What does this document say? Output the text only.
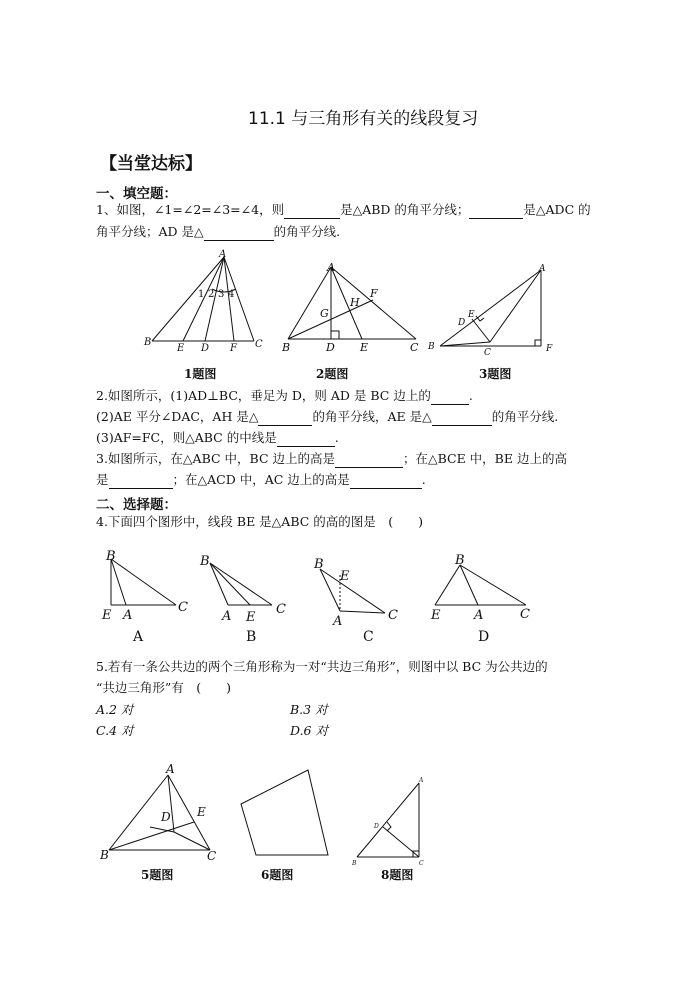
11.1 与三角形有关的线段复习
【当堂达标】
一、填空题：
1、如图，∠1=∠2=∠3=∠4，则	是△ABD 的角平分线；	是△ADC 的
角平分线；AD 是△	的角平分线.
A
B
E D F C
1 2 3 4
A
B	D E	C
G
H
F
A
B
C
D
E
F
1题图	2题图	3题图
2.如图所示，(1)AD⊥BC，垂足为 D，则 AD 是 BC 边上的	.
(2)AE 平分∠DAC，AH 是△	的角平分线，AE 是△	的角平分线.
(3)AF=FC，则△ABC 的中线是	.
3.如图所示，在△ABC 中，BC 边上的高是	；在△BCE 中，BE 边上的高
是	；在△ACD 中，AC 边上的高是	.
二、选择题：
4.下面四个图形中，线段 BE 是△ABC 的高的图是　(　　)
B
E A
C
B
A E
C
B
E
A	C
B
E	A	C
A	B	C	D
5.若有一条公共边的两个三角形称为一对“共边三角形”，则图中以 BC 为公共边的
“共边三角形”有　(　　)
A.2 对	B.3 对
C.4 对	D.6 对
A
B	C
D E
A
B	C
D
5题图	6题图	8题图
